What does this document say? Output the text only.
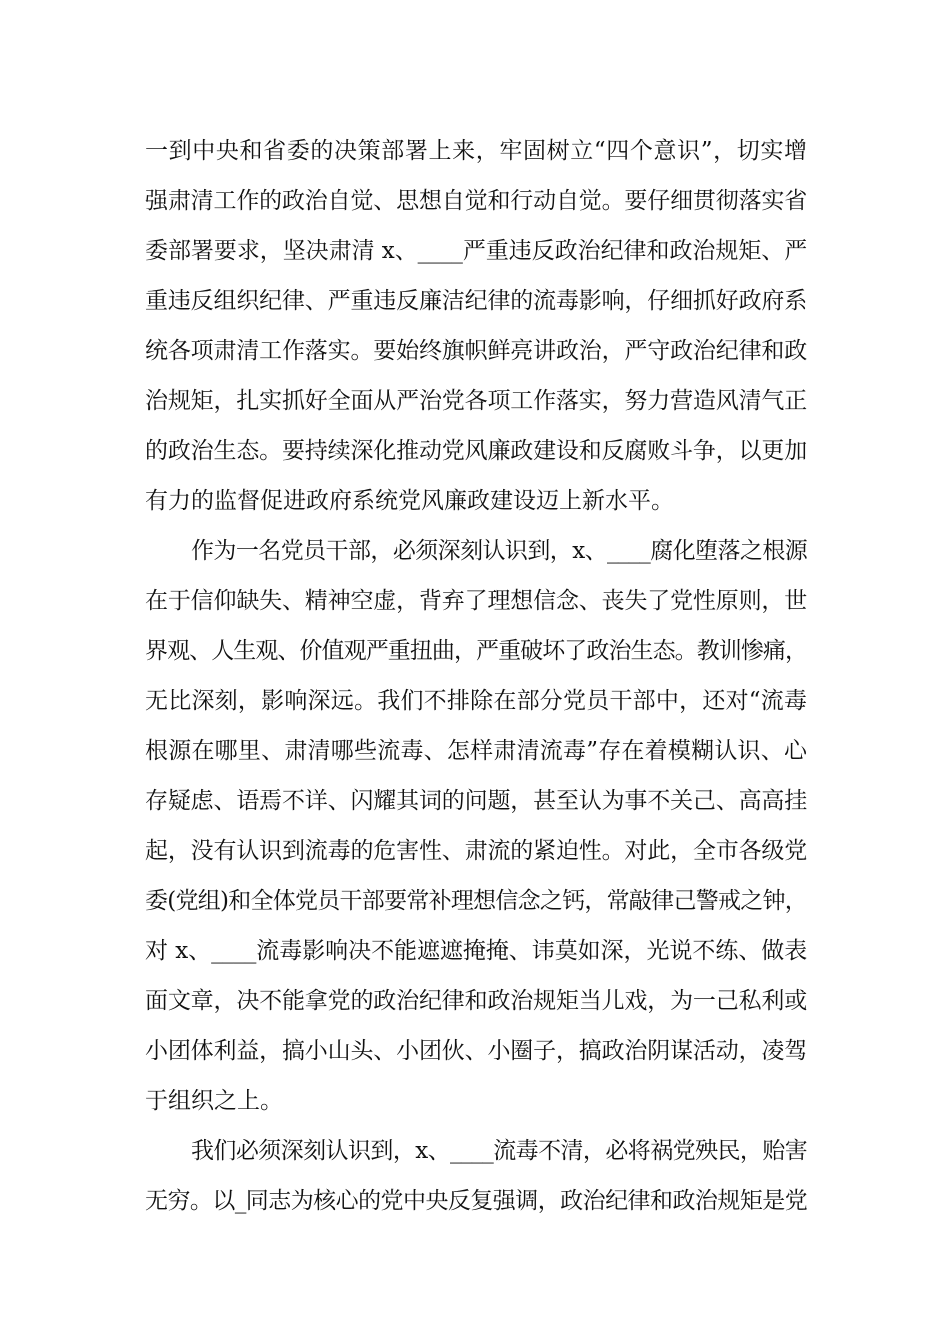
一到中央和省委的决策部署上来，牢固树立“四个意识”，切实增
强肃清工作的政治自觉、思想自觉和行动自觉。要仔细贯彻落实省
委部署要求，坚决肃清 x、____严重违反政治纪律和政治规矩、严
重违反组织纪律、严重违反廉洁纪律的流毒影响，仔细抓好政府系
统各项肃清工作落实。要始终旗帜鲜亮讲政治，严守政治纪律和政
治规矩，扎实抓好全面从严治党各项工作落实，努力营造风清气正
的政治生态。要持续深化推动党风廉政建设和反腐败斗争，以更加
有力的监督促进政府系统党风廉政建设迈上新水平。
作为一名党员干部，必须深刻认识到，x、____腐化堕落之根源
在于信仰缺失、精神空虚，背弃了理想信念、丧失了党性原则，世
界观、人生观、价值观严重扭曲，严重破坏了政治生态。教训惨痛，
无比深刻，影响深远。我们不排除在部分党员干部中，还对“流毒
根源在哪里、肃清哪些流毒、怎样肃清流毒”存在着模糊认识、心
存疑虑、语焉不详、闪耀其词的问题，甚至认为事不关己、高高挂
起，没有认识到流毒的危害性、肃流的紧迫性。对此，全市各级党
委(党组)和全体党员干部要常补理想信念之钙，常敲律己警戒之钟，
对 x、____流毒影响决不能遮遮掩掩、讳莫如深，光说不练、做表
面文章，决不能拿党的政治纪律和政治规矩当儿戏，为一己私利或
小团体利益，搞小山头、小团伙、小圈子，搞政治阴谋活动，凌驾
于组织之上。
我们必须深刻认识到，x、____流毒不清，必将祸党殃民，贻害
无穷。以_同志为核心的党中央反复强调，政治纪律和政治规矩是党
